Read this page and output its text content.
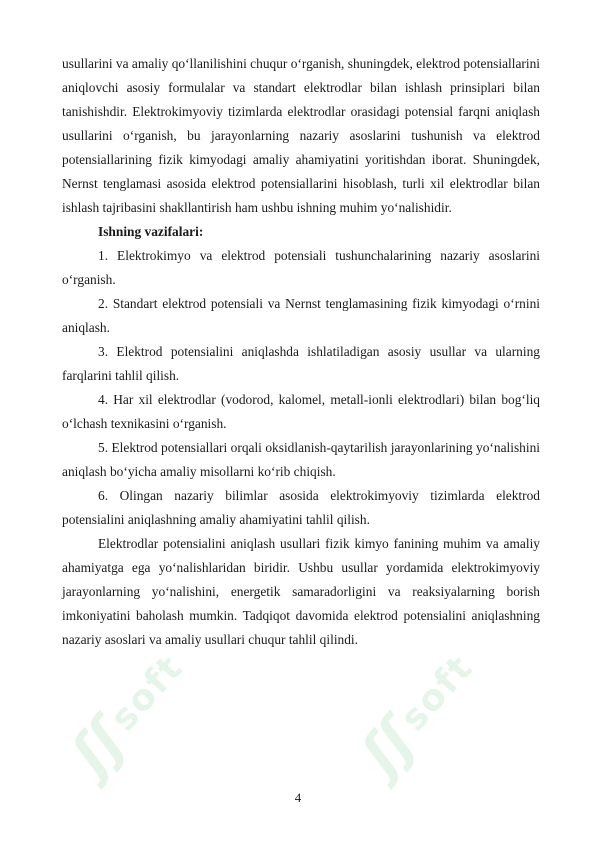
ʃʃ
soft
ʃʃ
soft

usullarini va amaliy qo‘llanilishini chuqur o‘rganish, shuningdek, elektrod potensiallarini aniqlovchi asosiy formulalar va standart elektrodlar bilan ishlash prinsiplari bilan tanishishdir. Elektrokimyoviy tizimlarda elektrodlar orasidagi potensial farqni aniqlash usullarini o‘rganish, bu jarayonlarning nazariy asoslarini tushunish va elektrod potensiallarining fizik kimyodagi amaliy ahamiyatini yoritishdan iborat. Shuningdek, Nernst tenglamasi asosida elektrod potensiallarini hisoblash, turli xil elektrodlar bilan ishlash tajribasini shakllantirish ham ushbu ishning muhim yo‘nalishidir.

Ishning vazifalari:

1. Elektrokimyo va elektrod potensiali tushunchalarining nazariy asoslarini o‘rganish.

2. Standart elektrod potensiali va Nernst tenglamasining fizik kimyodagi o‘rnini aniqlash.

3. Elektrod potensialini aniqlashda ishlatiladigan asosiy usullar va ularning farqlarini tahlil qilish.

4. Har xil elektrodlar (vodorod, kalomel, metall-ionli elektrodlari) bilan bog‘liq o‘lchash texnikasini o‘rganish.

5. Elektrod potensiallari orqali oksidlanish-qaytarilish jarayonlarining yo‘nalishini aniqlash bo‘yicha amaliy misollarni ko‘rib chiqish.

6. Olingan nazariy bilimlar asosida elektrokimyoviy tizimlarda elektrod potensialini aniqlashning amaliy ahamiyatini tahlil qilish.

Elektrodlar potensialini aniqlash usullari fizik kimyo fanining muhim va amaliy ahamiyatga ega yo‘nalishlaridan biridir. Ushbu usullar yordamida elektrokimyoviy jarayonlarning yo‘nalishini, energetik samaradorligini va reaksiyalarning borish imkoniyatini baholash mumkin. Tadqiqot davomida elektrod potensialini aniqlashning nazariy asoslari va amaliy usullari chuqur tahlil qilindi.

4
